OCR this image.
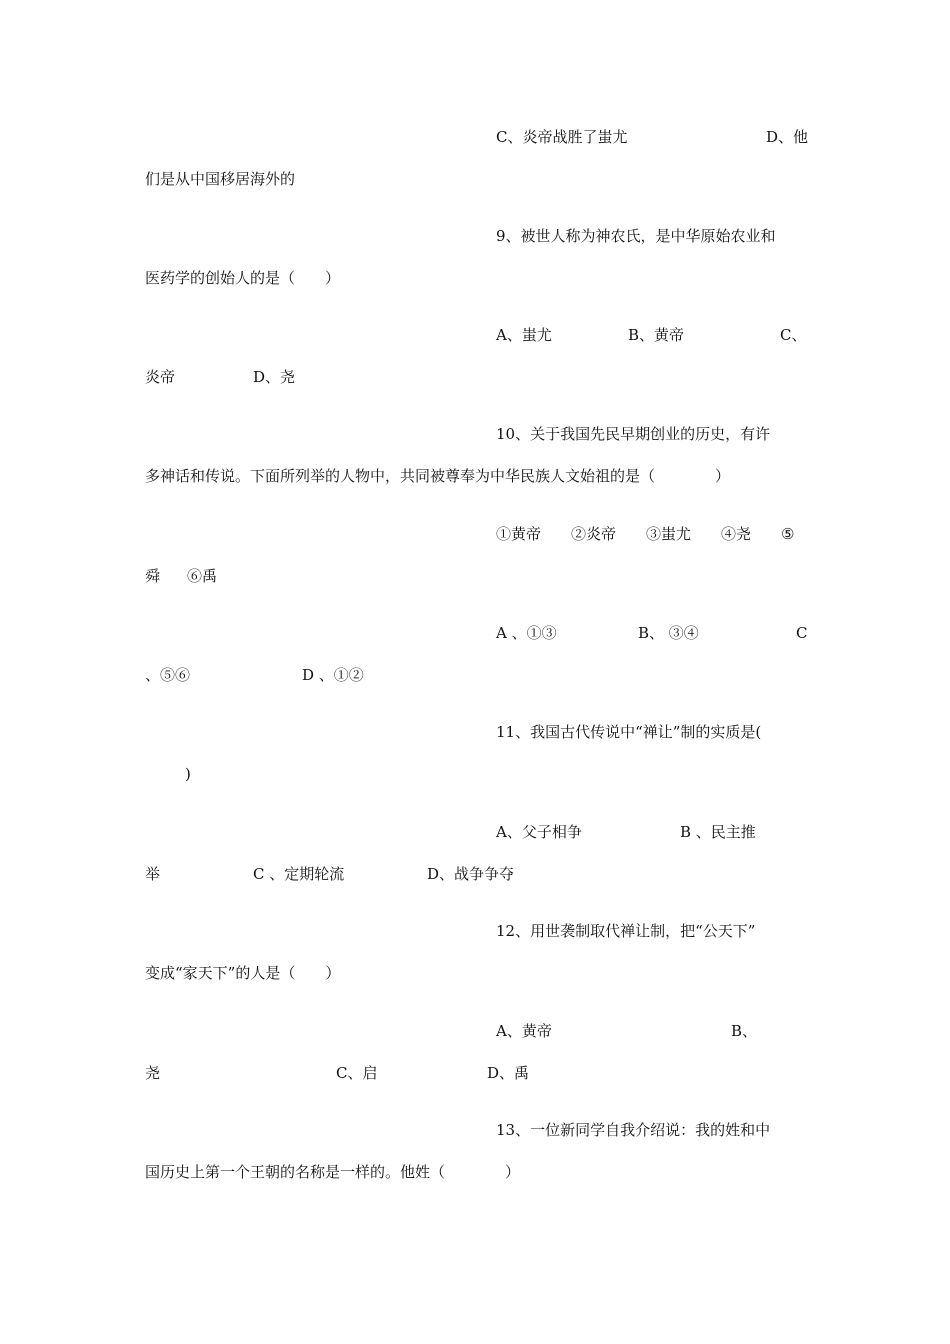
C、炎帝战胜了蚩尤	D、他
们是从中国移居海外的
9、被世人称为神农氏，是中华原始农业和
医药学的创始人的是（　　）
A、蚩尤	B、黄帝	C、
炎帝	D、尧
10、关于我国先民早期创业的历史，有许
多神话和传说。下面所列举的人物中，共同被尊奉为中华民族人文始祖的是（　　　　）
①黄帝 ②炎帝 ③蚩尤 ④尧 ⑤
舜 ⑥禹
A 、①③	B、 ③④	C
、⑤⑥	D 、①②
11、我国古代传说中“禅让”制的实质是(
)
A、父子相争	B 、民主推
举	C 、定期轮流	D、战争争夺
12、用世袭制取代禅让制，把“公天下”
变成“家天下”的人是（　　）
A、黄帝	B、
尧	C、启	D、禹
13、一位新同学自我介绍说：我的姓和中
国历史上第一个王朝的名称是一样的。他姓（　　　　）
